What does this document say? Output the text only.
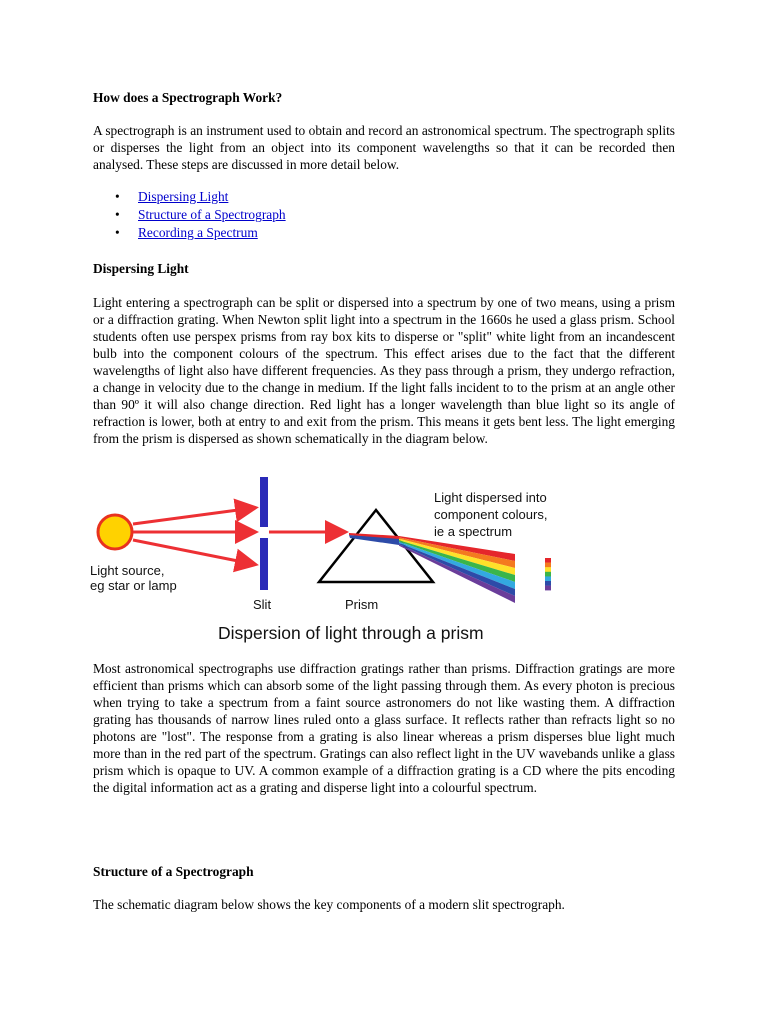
How does a Spectrograph Work?

A spectrograph is an instrument used to obtain and record an astronomical spectrum. The spectrograph splits or disperses the light from an object into its component wavelengths so that it can be recorded then analysed. These steps are discussed in more detail below.

• Dispersing Light
• Structure of a Spectrograph
• Recording a Spectrum
Dispersing Light

Light entering a spectrograph can be split or dispersed into a spectrum by one of two means, using a prism or a diffraction grating. When Newton split light into a spectrum in the 1660s he used a glass prism. School students often use perspex prisms from ray box kits to disperse or "split" white light from an incandescent bulb into the component colours of the spectrum. This effect arises due to the fact that the different wavelengths of light also have different frequencies. As they pass through a prism, they undergo refraction, a change in velocity due to the change in medium. If the light falls incident to to the prism at an angle other than 90º it will also change direction. Red light has a longer wavelength than blue light so its angle of refraction is lower, both at entry to and exit from the prism. This means it gets bent less. The light emerging from the prism is dispersed as shown schematically in the diagram below.

Most astronomical spectrographs use diffraction gratings rather than prisms. Diffraction gratings are more efficient than prisms which can absorb some of the light passing through them. As every photon is precious when trying to take a spectrum from a faint source astronomers do not like wasting them. A diffraction grating has thousands of narrow lines ruled onto a glass surface. It reflects rather than refracts light so no photons are "lost". The response from a grating is also linear whereas a prism disperses blue light much more than in the red part of the spectrum. Gratings can also reflect light in the UV wavebands unlike a glass prism which is opaque to UV. A common example of a diffraction grating is a CD where the pits encoding the digital information act as a grating and disperse light into a colourful spectrum.

Structure of a Spectrograph

The schematic diagram below shows the key components of a modern slit spectrograph.

Light source,
eg star or lamp
Slit	Prism
Light dispersed into
component colours,
ie a spectrum
Dispersion of light through a prism
